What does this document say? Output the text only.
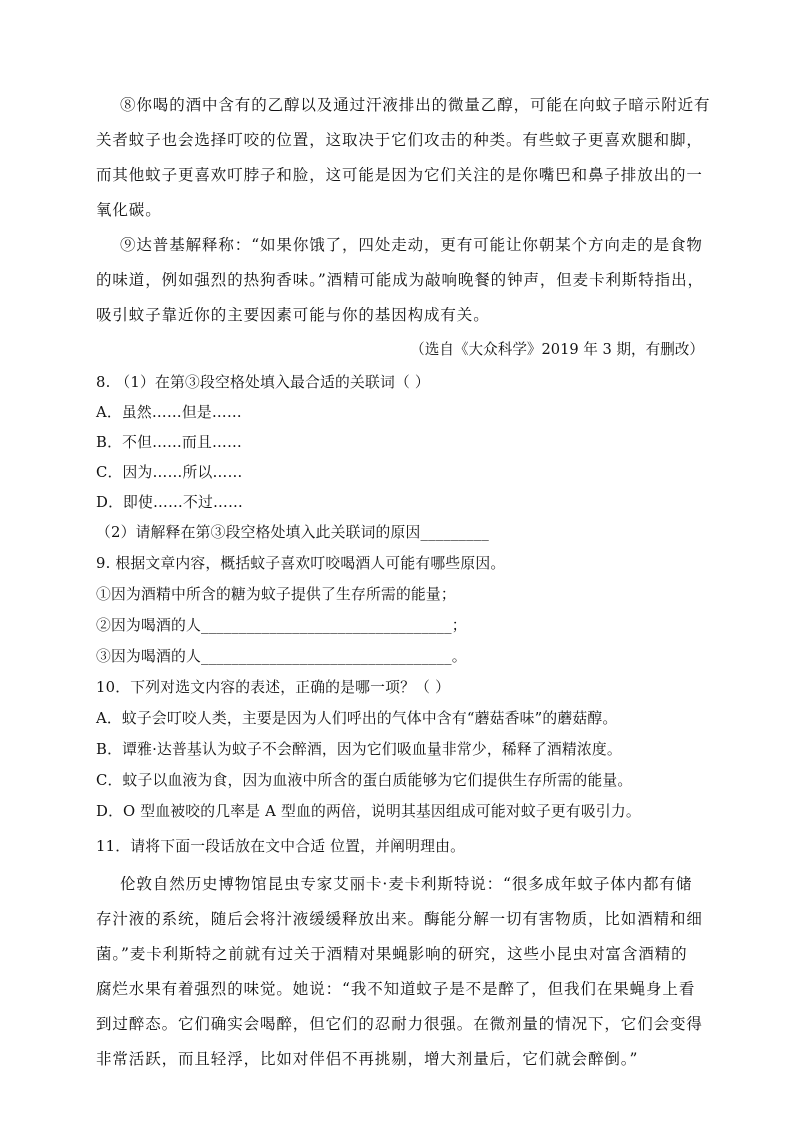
⑧你喝的酒中含有的乙醇以及通过汗液排出的微量乙醇，可能在向蚊子暗示附近有
关者蚊子也会选择叮咬的位置，这取决于它们攻击的种类。有些蚊子更喜欢腿和脚，
而其他蚊子更喜欢叮脖子和脸，这可能是因为它们关注的是你嘴巴和鼻子排放出的一
氧化碳。
⑨达普基解释称：“如果你饿了，四处走动，更有可能让你朝某个方向走的是食物
的味道，例如强烈的热狗香味。”酒精可能成为敲响晚餐的钟声，但麦卡利斯特指出，
吸引蚊子靠近你的主要因素可能与你的基因构成有关。
（选自《大众科学》2019 年 3 期，有删改）
8. （1）在第③段空格处填入最合适的关联词（ ）
A．虽然……但是……
B．不但……而且……
C．因为……所以……
D．即使……不过……
（2）请解释在第③段空格处填入此关联词的原因_________
9. 根据文章内容，概括蚊子喜欢叮咬喝酒人可能有哪些原因。
①因为酒精中所含的糖为蚊子提供了生存所需的能量；
②因为喝酒的人_________________________________；
③因为喝酒的人_________________________________。
10．下列对选文内容的表述，正确的是哪一项？（ ）
A．蚊子会叮咬人类，主要是因为人们呼出的气体中含有“蘑菇香味”的蘑菇醇。
B．谭雅·达普基认为蚊子不会醉酒，因为它们吸血量非常少，稀释了酒精浓度。
C．蚊子以血液为食，因为血液中所含的蛋白质能够为它们提供生存所需的能量。
D．O 型血被咬的几率是 A 型血的两倍，说明其基因组成可能对蚊子更有吸引力。
11．请将下面一段话放在文中合适 位置，并阐明理由。
伦敦自然历史博物馆昆虫专家艾丽卡·麦卡利斯特说：“很多成年蚊子体内都有储
存汁液的系统，随后会将汁液缓缓释放出来。酶能分解一切有害物质，比如酒精和细
菌。”麦卡利斯特之前就有过关于酒精对果蝇影响的研究，这些小昆虫对富含酒精的
腐烂水果有着强烈的味觉。她说：“我不知道蚊子是不是醉了，但我们在果蝇身上看
到过醉态。它们确实会喝醉，但它们的忍耐力很强。在微剂量的情况下，它们会变得
非常活跃，而且轻浮，比如对伴侣不再挑剔，增大剂量后，它们就会醉倒。”
